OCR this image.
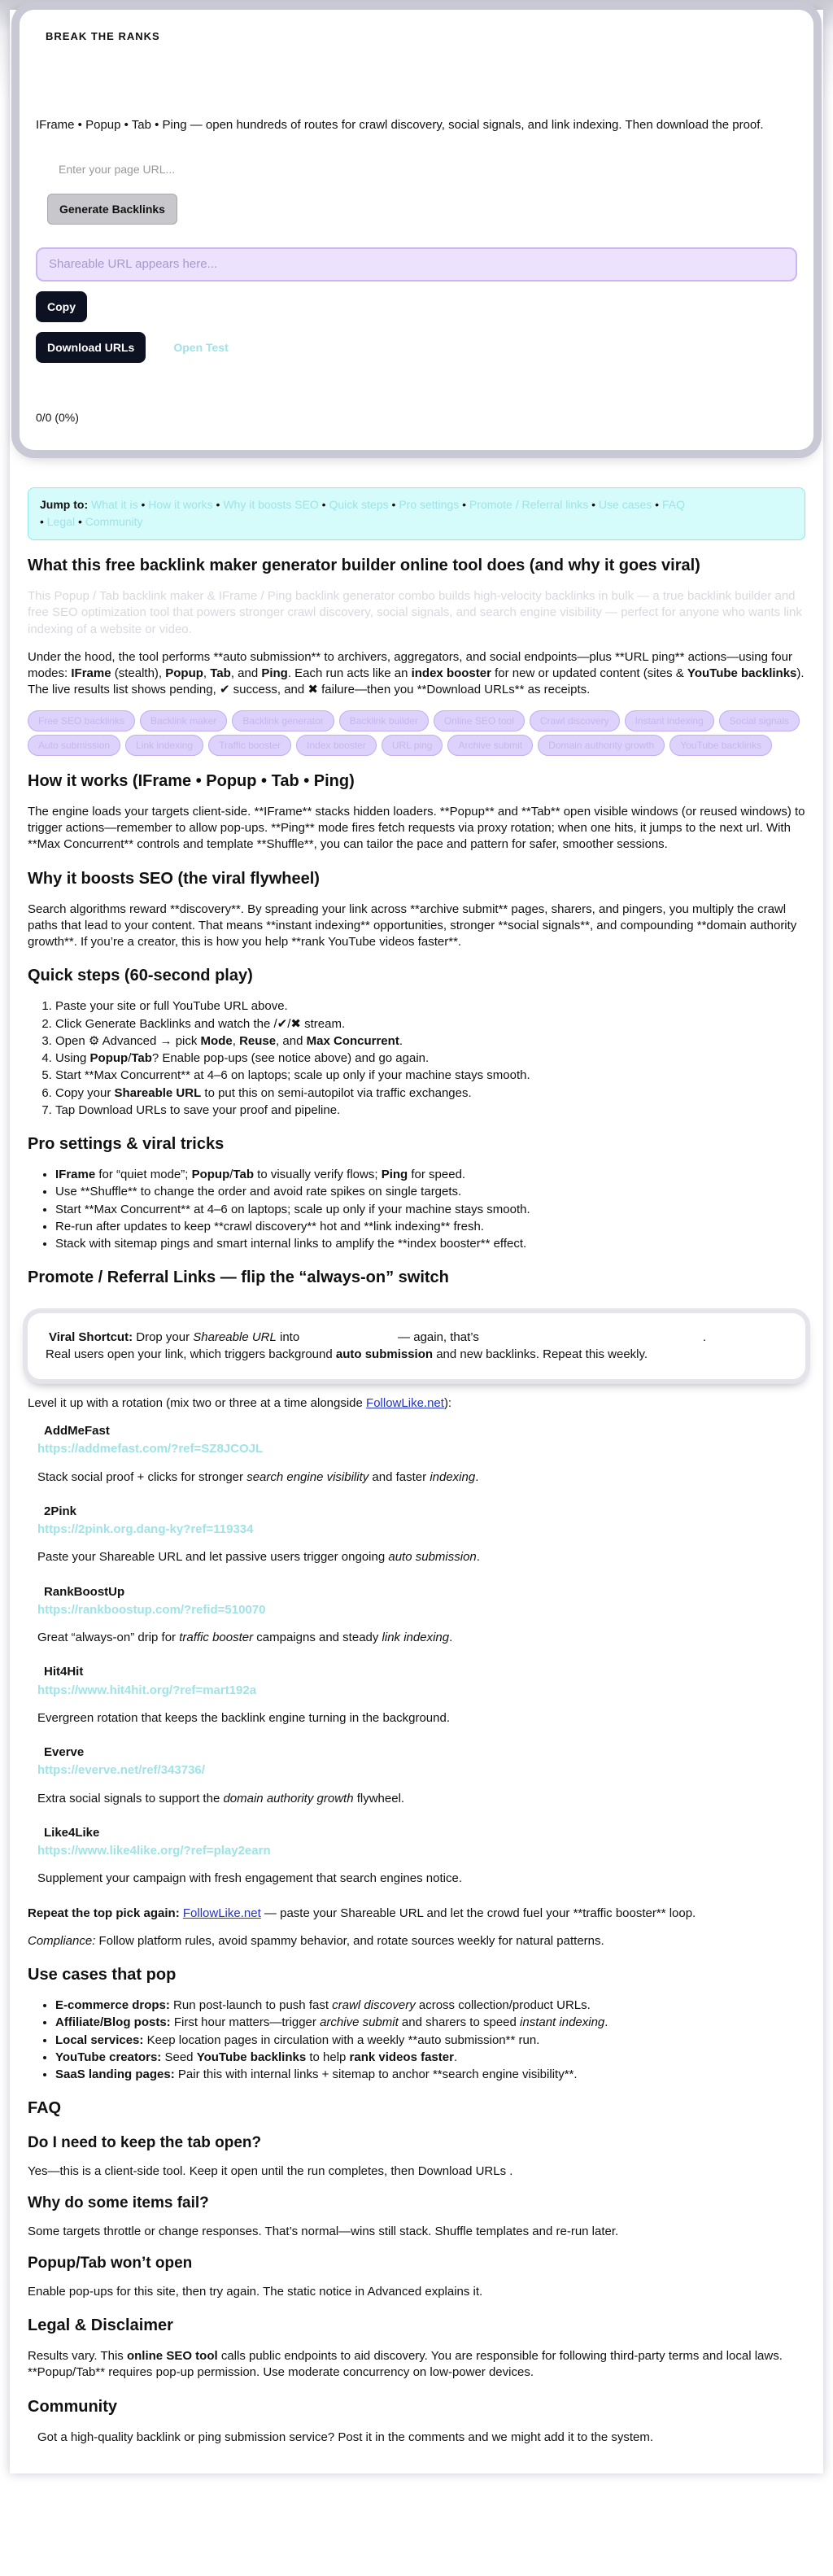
BREAK THE RANKS
IFrame • Popup • Tab • Ping — open hundreds of routes for crawl discovery, social signals, and link indexing. Then download the proof.
Enter your page URL...
Generate Backlinks
Shareable URL appears here...
Copy
Download URLs	Open Test
0/0 (0%)
Jump to: What it is • How it works • Why it boosts SEO • Quick steps • Pro settings • Promote / Referral links • Use cases • FAQ
• Legal • Community
What this free backlink maker generator builder online tool does (and why it goes viral)

This Popup / Tab backlink maker & IFrame / Ping backlink generator combo builds high-velocity backlinks in bulk — a true backlink builder and free SEO optimization tool that powers stronger crawl discovery, social signals, and search engine visibility — perfect for anyone who wants link indexing of a website or video.

Under the hood, the tool performs **auto submission** to archivers, aggregators, and social endpoints—plus **URL ping** actions—using four modes: IFrame (stealth), Popup, Tab, and Ping. Each run acts like an index booster for new or updated content (sites & YouTube backlinks). The live results list shows pending, ✔ success, and ✖ failure—then you **Download URLs** as receipts.

Free SEO backlinks	Backlink maker	Backlink generator	Backlink builder	Online SEO tool	Crawl discovery	Instant indexing	Social signals
Auto submission	Link indexing	Traffic booster	Index booster	URL ping	Archive submit	Domain authority growth	YouTube backlinks
How it works (IFrame • Popup • Tab • Ping)

The engine loads your targets client-side. **IFrame** stacks hidden loaders. **Popup** and **Tab** open visible windows (or reused windows) to trigger actions—remember to allow pop-ups. **Ping** mode fires fetch requests via proxy rotation; when one hits, it jumps to the next url. With **Max Concurrent** controls and template **Shuffle**, you can tailor the pace and pattern for safer, smoother sessions.

Why it boosts SEO (the viral flywheel)

Search algorithms reward **discovery**. By spreading your link across **archive submit** pages, sharers, and pingers, you multiply the crawl paths that lead to your content. That means **instant indexing** opportunities, stronger **social signals**, and compounding **domain authority growth**. If you’re a creator, this is how you help **rank YouTube videos faster**.

Quick steps (60-second play)
1. Paste your site or full YouTube URL above.
2. Click Generate Backlinks and watch the /✔/✖ stream.
3. Open ⚙ Advanced → pick Mode, Reuse, and Max Concurrent.
4. Using Popup/Tab? Enable pop-ups (see notice above) and go again.
5. Start **Max Concurrent** at 4–6 on laptops; scale up only if your machine stays smooth.
6. Copy your Shareable URL to put this on semi-autopilot via traffic exchanges.
7. Tap Download URLs to save your proof and pipeline.
Pro settings & viral tricks
• IFrame for “quiet mode”; Popup/Tab to visually verify flows; Ping for speed.
• Use **Shuffle** to change the order and avoid rate spikes on single targets.
• Start **Max Concurrent** at 4–6 on laptops; scale up only if your machine stays smooth.
• Re-run after updates to keep **crawl discovery** hot and **link indexing** fresh.
• Stack with sitemap pings and smart internal links to amplify the **index booster** effect.
Promote / Referral Links — flip the “always-on” switch
Viral Shortcut: Drop your Shareable URL into                             — again, that’s                                                                  .
Real users open your link, which triggers background auto submission and new backlinks. Repeat this weekly.

Level it up with a rotation (mix two or three at a time alongside FollowLike.net):

AddMeFast
https://addmefast.com/?ref=SZ8JCOJL
Stack social proof + clicks for stronger search engine visibility and faster indexing.
2Pink
https://2pink.org.dang-ky?ref=119334
Paste your Shareable URL and let passive users trigger ongoing auto submission.
RankBoostUp
https://rankboostup.com/?refid=510070
Great “always-on” drip for traffic booster campaigns and steady link indexing.
Hit4Hit
https://www.hit4hit.org/?ref=mart192a
Evergreen rotation that keeps the backlink engine turning in the background.
Everve
https://everve.net/ref/343736/
Extra social signals to support the domain authority growth flywheel.
Like4Like
https://www.like4like.org/?ref=play2earn
Supplement your campaign with fresh engagement that search engines notice.

Repeat the top pick again: FollowLike.net — paste your Shareable URL and let the crowd fuel your **traffic booster** loop.

Compliance: Follow platform rules, avoid spammy behavior, and rotate sources weekly for natural patterns.

Use cases that pop
• E-commerce drops: Run post-launch to push fast crawl discovery across collection/product URLs.
• Affiliate/Blog posts: First hour matters—trigger archive submit and sharers to speed instant indexing.
• Local services: Keep location pages in circulation with a weekly **auto submission** run.
• YouTube creators: Seed YouTube backlinks to help rank videos faster.
• SaaS landing pages: Pair this with internal links + sitemap to anchor **search engine visibility**.
FAQ
Do I need to keep the tab open?

Yes—this is a client-side tool. Keep it open until the run completes, then Download URLs .

Why do some items fail?

Some targets throttle or change responses. That’s normal—wins still stack. Shuffle templates and re-run later.

Popup/Tab won’t open

Enable pop-ups for this site, then try again. The static notice in Advanced explains it.

Legal & Disclaimer

Results vary. This online SEO tool calls public endpoints to aid discovery. You are responsible for following third-party terms and local laws. **Popup/Tab** requires pop-up permission. Use moderate concurrency on low-power devices.

Community

Got a high-quality backlink or ping submission service? Post it in the comments and we might add it to the system.
